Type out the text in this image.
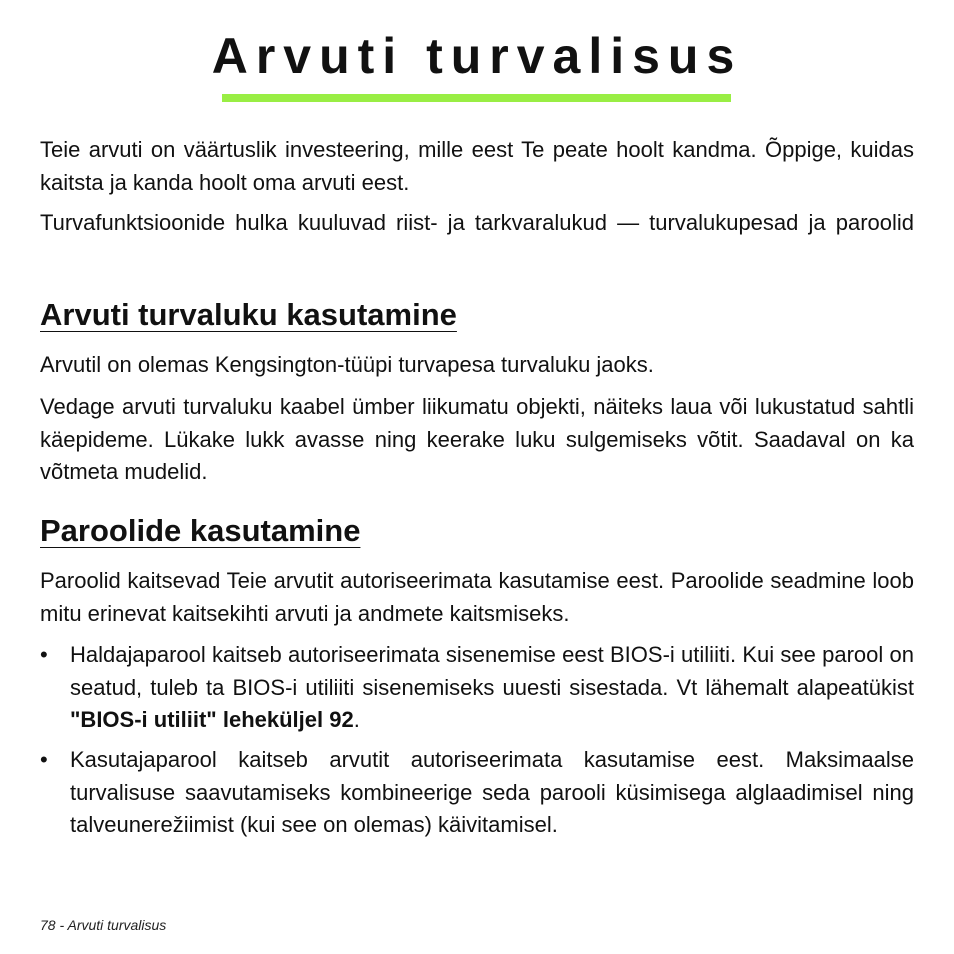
Arvuti turvalisus

Teie arvuti on väärtuslik investeering, mille eest Te peate hoolt kandma. Õppige, kuidas kaitsta ja kanda hoolt oma arvuti eest.

Turvafunktsioonide hulka kuuluvad riist- ja tarkvaralukud — turvalukupesad ja paroolid

Arvuti turvaluku kasutamine

Arvutil on olemas Kengsington-tüüpi turvapesa turvaluku jaoks.

Vedage arvuti turvaluku kaabel ümber liikumatu objekti, näiteks laua või lukustatud sahtli käepideme. Lükake lukk avasse ning keerake luku sulgemiseks võtit. Saadaval on ka võtmeta mudelid.

Paroolide kasutamine

Paroolid kaitsevad Teie arvutit autoriseerimata kasutamise eest. Paroolide seadmine loob mitu erinevat kaitsekihti arvuti ja andmete kaitsmiseks.

•	Haldajaparool kaitseb autoriseerimata sisenemise eest BIOS-i utiliiti. Kui see parool on seatud, tuleb ta BIOS-i utiliiti sisenemiseks uuesti sisestada. Vt lähemalt alapeatükist "BIOS-i utiliit" leheküljel 92.
•	Kasutajaparool kaitseb arvutit autoriseerimata kasutamise eest. Maksimaalse turvalisuse saavutamiseks kombineerige seda parooli küsimisega alglaadimisel ning talveunerežiimist (kui see on olemas) käivitamisel.
78 - Arvuti turvalisus
